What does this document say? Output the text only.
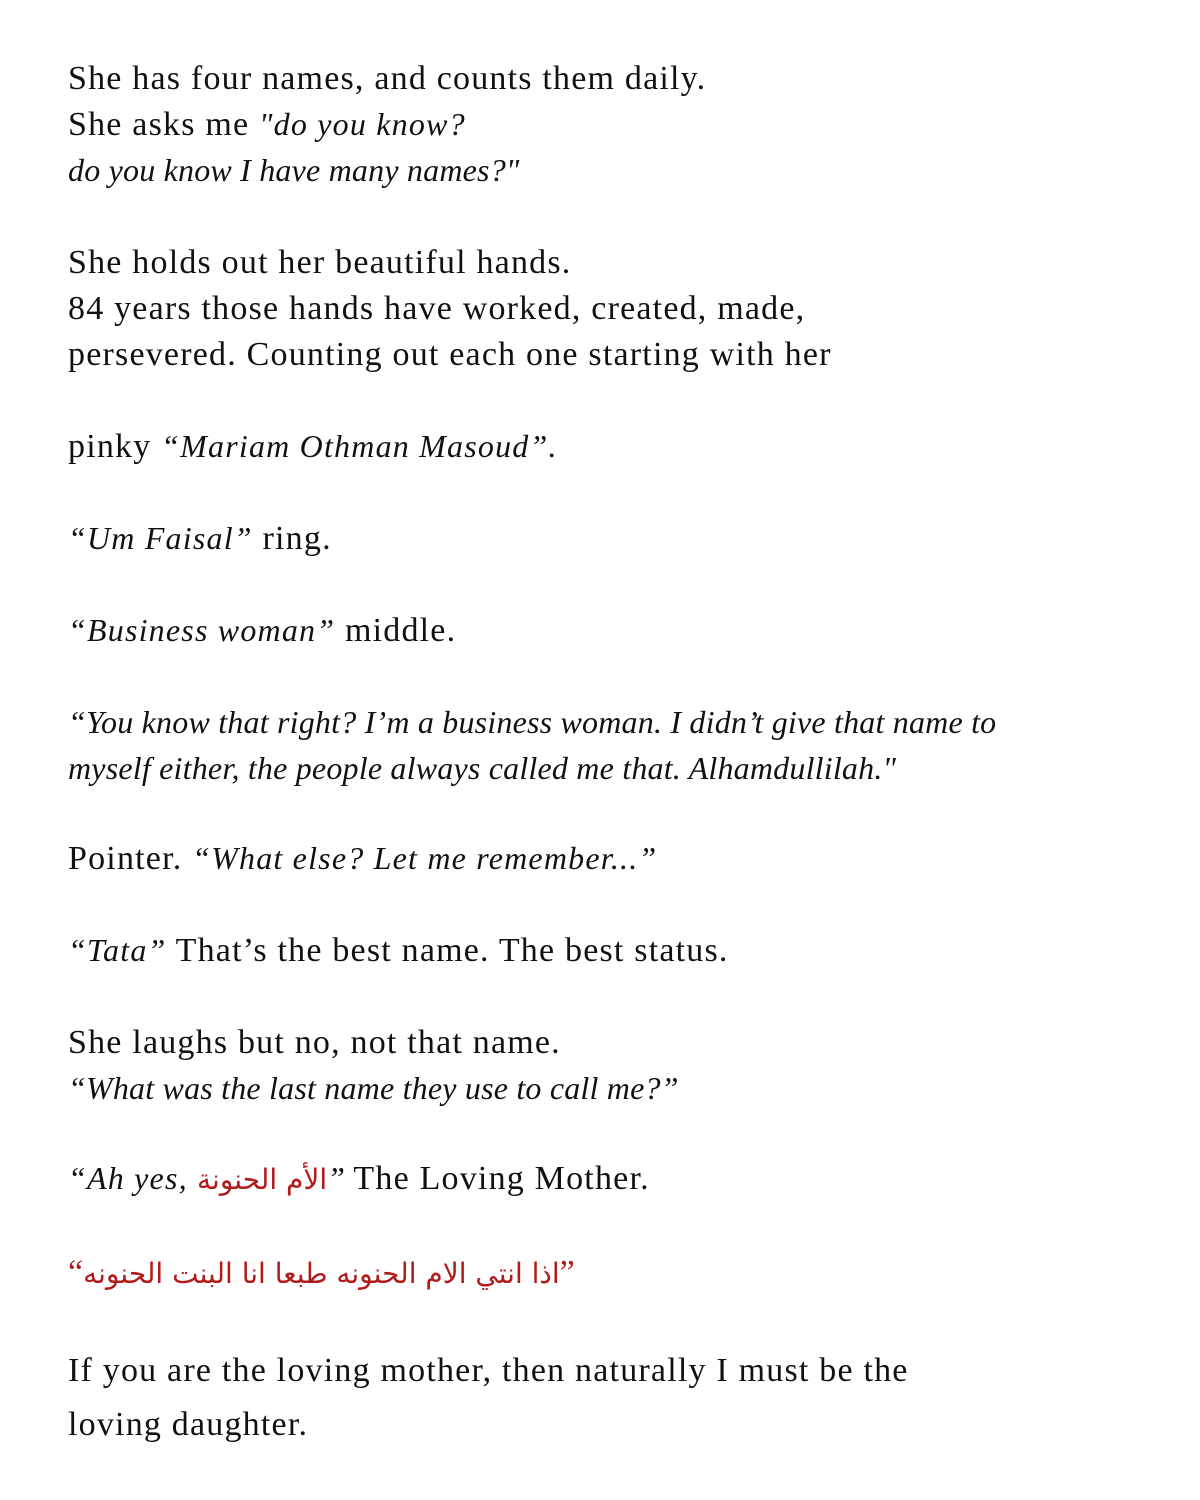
She has four names, and counts them daily.
She asks me "do you know?
do you know I have many names?"
She holds out her beautiful hands.
84 years those hands have worked, created, made,
persevered. Counting out each one starting with her
pinky “Mariam Othman Masoud”.
“Um Faisal” ring.
“Business woman” middle.
“You know that right? I’m a business woman. I didn’t give that name to
myself either, the people always called me that. Alhamdullilah."
Pointer. “What else? Let me remember...”
“Tata” That’s the best name. The best status.
She laughs but no, not that name.
“What was the last name they use to call me?”
“Ah yes, الأم الحنونة” The Loving Mother.
“اذا انتي الام الحنونه طبعا انا البنت الحنونه”
If you are the loving mother, then naturally I must be the
loving daughter.
